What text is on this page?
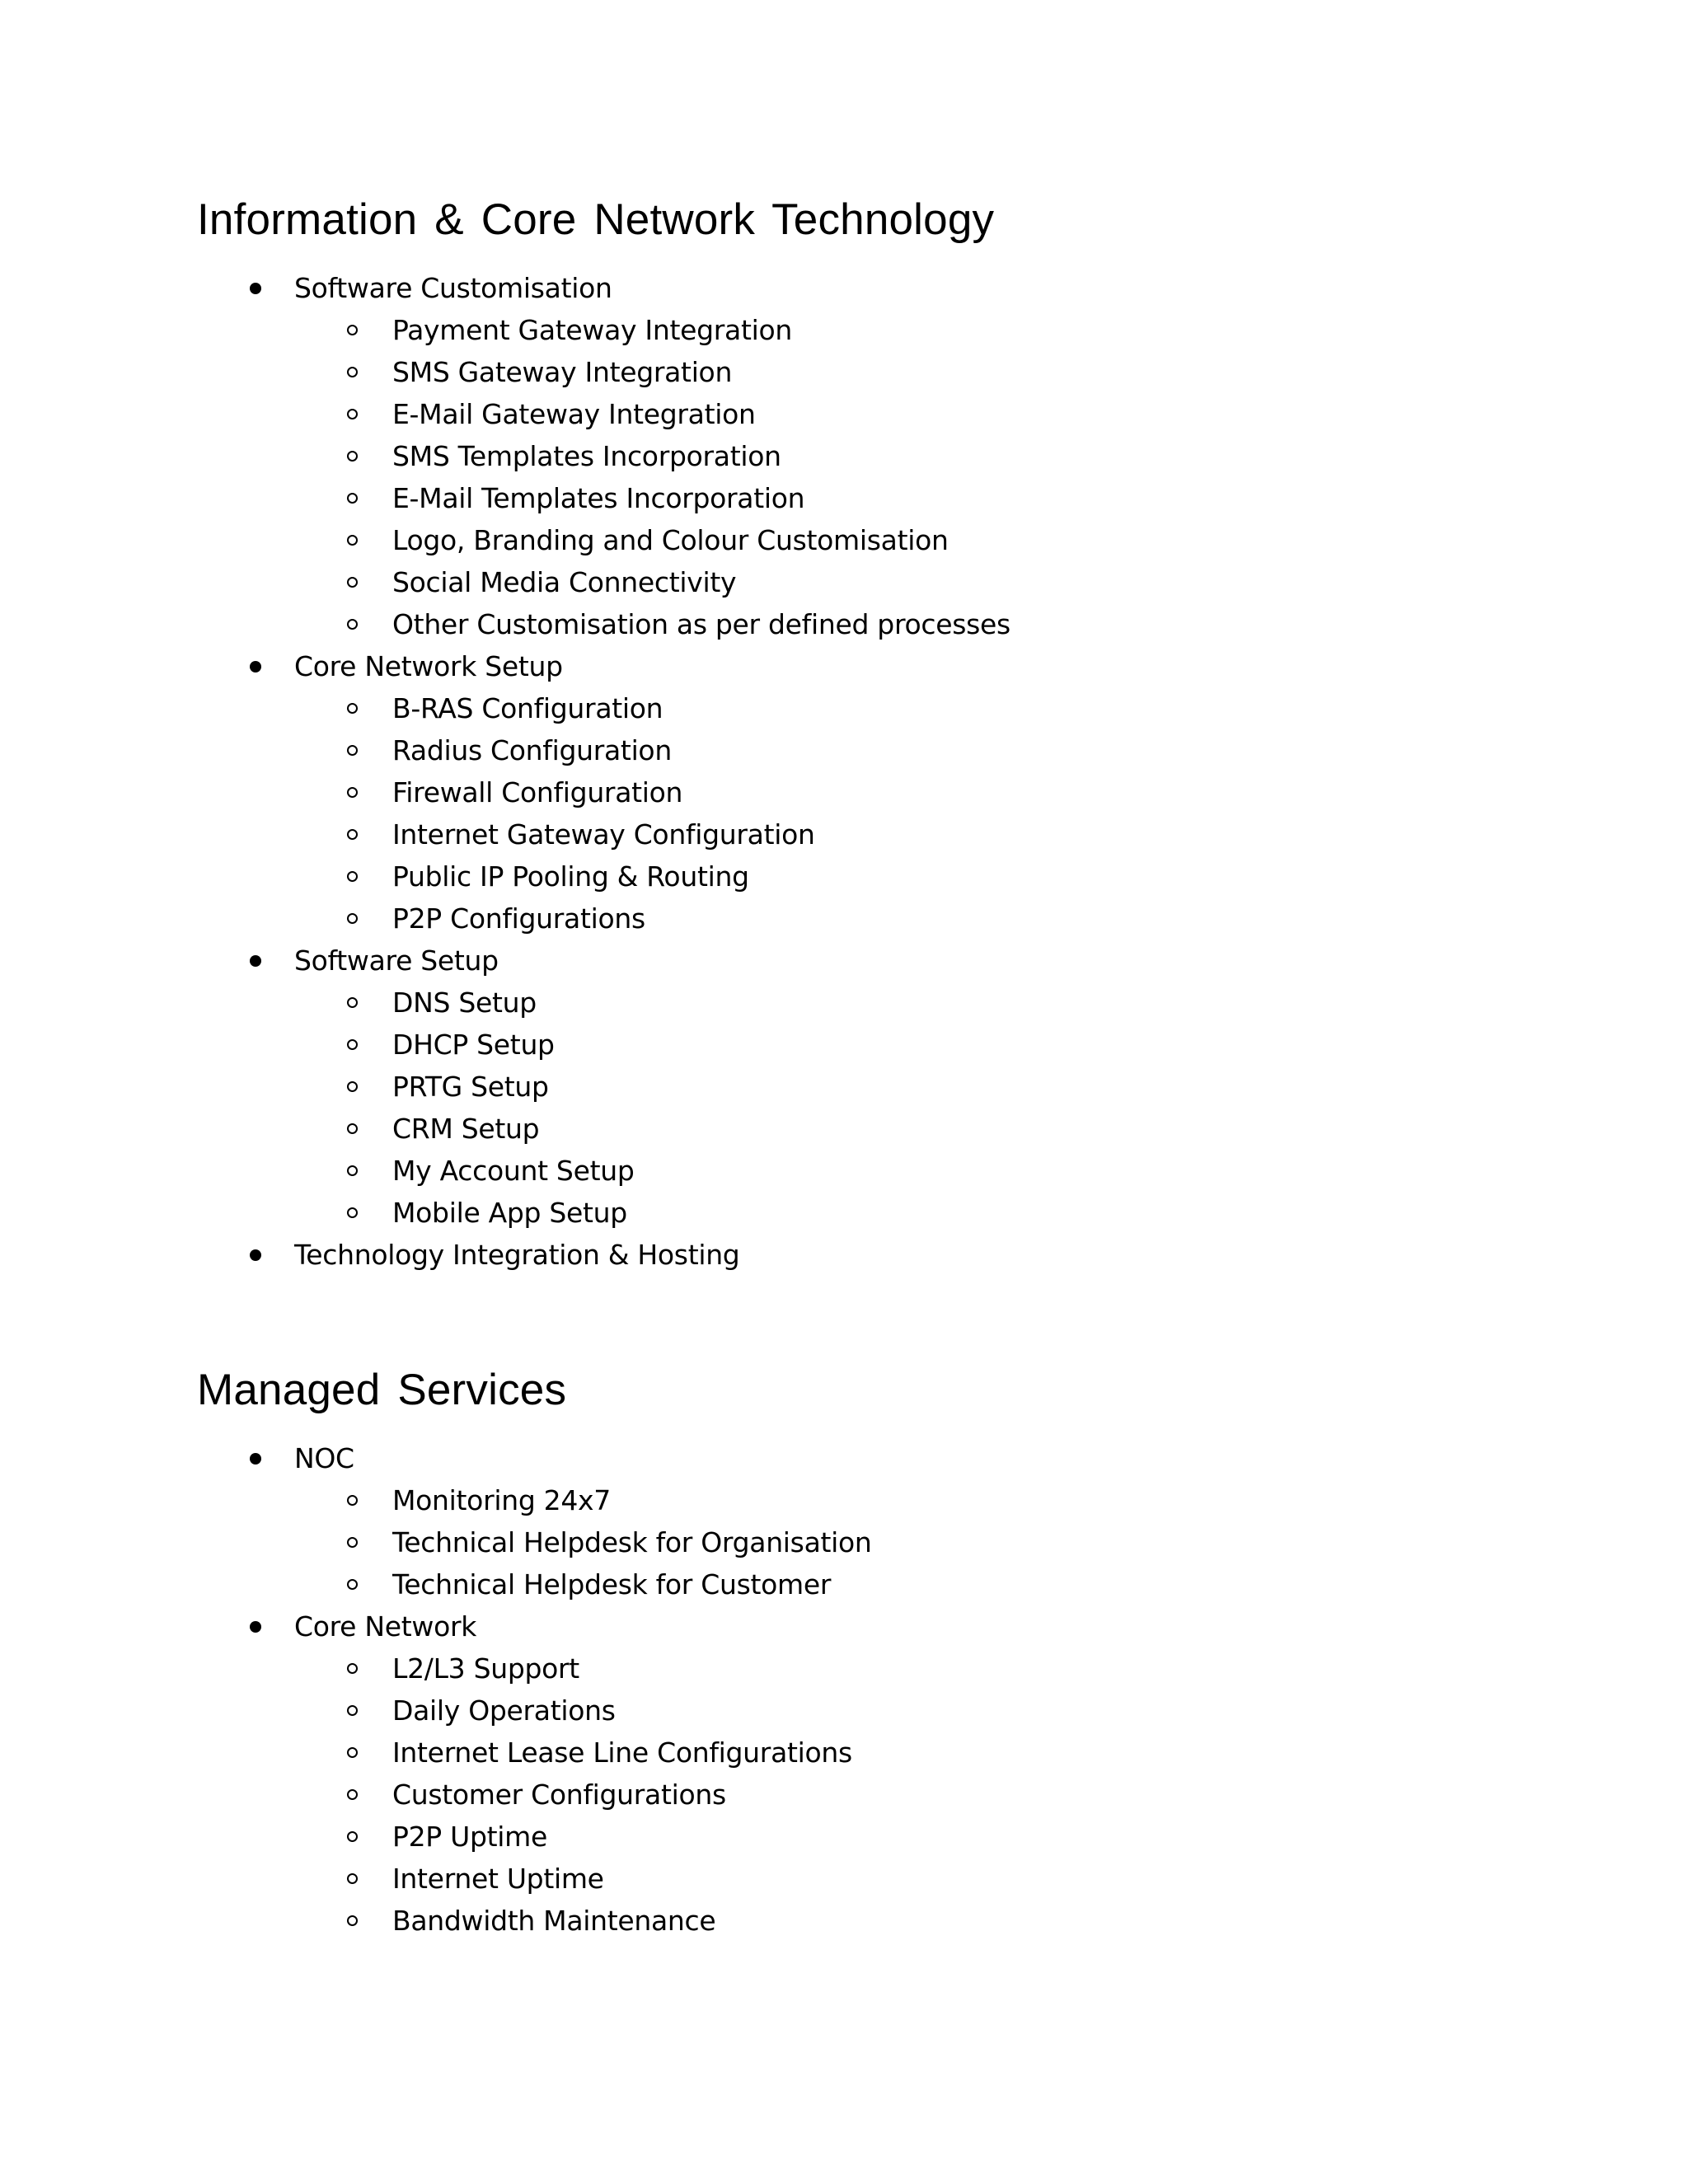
Information & Core Network Technology
Software Customisation
Payment Gateway Integration
SMS Gateway Integration
E-Mail Gateway Integration
SMS Templates Incorporation
E-Mail Templates Incorporation
Logo, Branding and Colour Customisation
Social Media Connectivity
Other Customisation as per defined processes
Core Network Setup
B-RAS Configuration
Radius Configuration
Firewall Configuration
Internet Gateway Configuration
Public IP Pooling & Routing
P2P Configurations
Software Setup
DNS Setup
DHCP Setup
PRTG Setup
CRM Setup
My Account Setup
Mobile App Setup
Technology Integration & Hosting
Managed Services
NOC
Monitoring 24x7
Technical Helpdesk for Organisation
Technical Helpdesk for Customer
Core Network
L2/L3 Support
Daily Operations
Internet Lease Line Configurations
Customer Configurations
P2P Uptime
Internet Uptime
Bandwidth Maintenance
